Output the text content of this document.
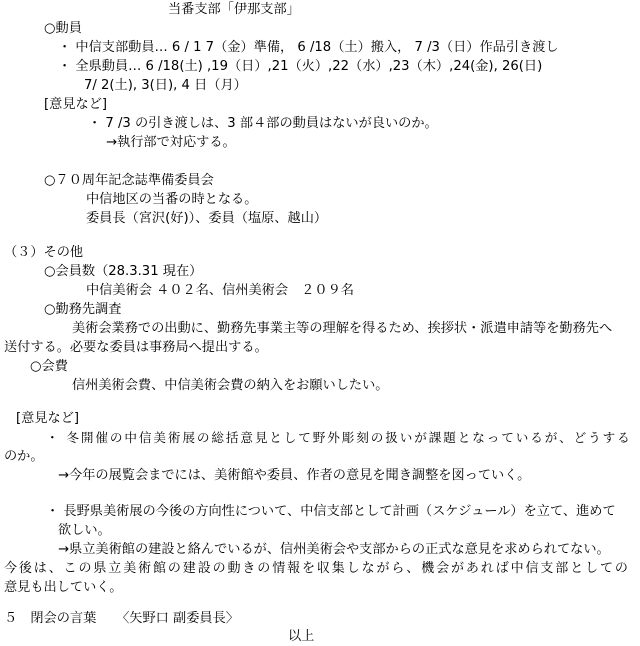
当番支部「伊那支部」
○動員
・ 中信支部動員… 6 / 1 7（金）準備， 6 /18（土）搬入， 7 /3（日）作品引き渡し
・ 全県動員… 6 /18(土) ,19（日）,21（火）,22（水）,23（木）,24(金), 26(日)
7/ 2(土), 3(日), 4 日（月）
[意見など]
・ 7 /3 の引き渡しは、3 部４部の動員はないが良いのか。
→執行部で対応する。
○７０周年記念誌準備委員会
中信地区の当番の時となる。
委員長（宮沢(好)）、委員（塩原、越山）
（３）その他
○会員数（28.3.31 現在）
中信美術会 ４０２名、信州美術会　２０９名
○勤務先調査
美術会業務での出動に、勤務先事業主等の理解を得るため、挨拶状・派遣申請等を勤務先へ
送付する。必要な委員は事務局へ提出する。
○会費
信州美術会費、中信美術会費の納入をお願いしたい。
[意見など]
・ 冬開催の中信美術展の総括意見として野外彫刻の扱いが課題となっているが、どうする
のか。
→今年の展覧会までには、美術館や委員、作者の意見を聞き調整を図っていく。
・ 長野県美術展の今後の方向性について、中信支部として計画（スケジュール）を立て、進めて
欲しい。
→県立美術館の建設と絡んでいるが、信州美術会や支部からの正式な意見を求められてない。
今後は、この県立美術館の建設の動きの情報を収集しながら、機会があれば中信支部としての
意見も出していく。
５　閉会の言葉　　〈矢野口 副委員長〉
以上
